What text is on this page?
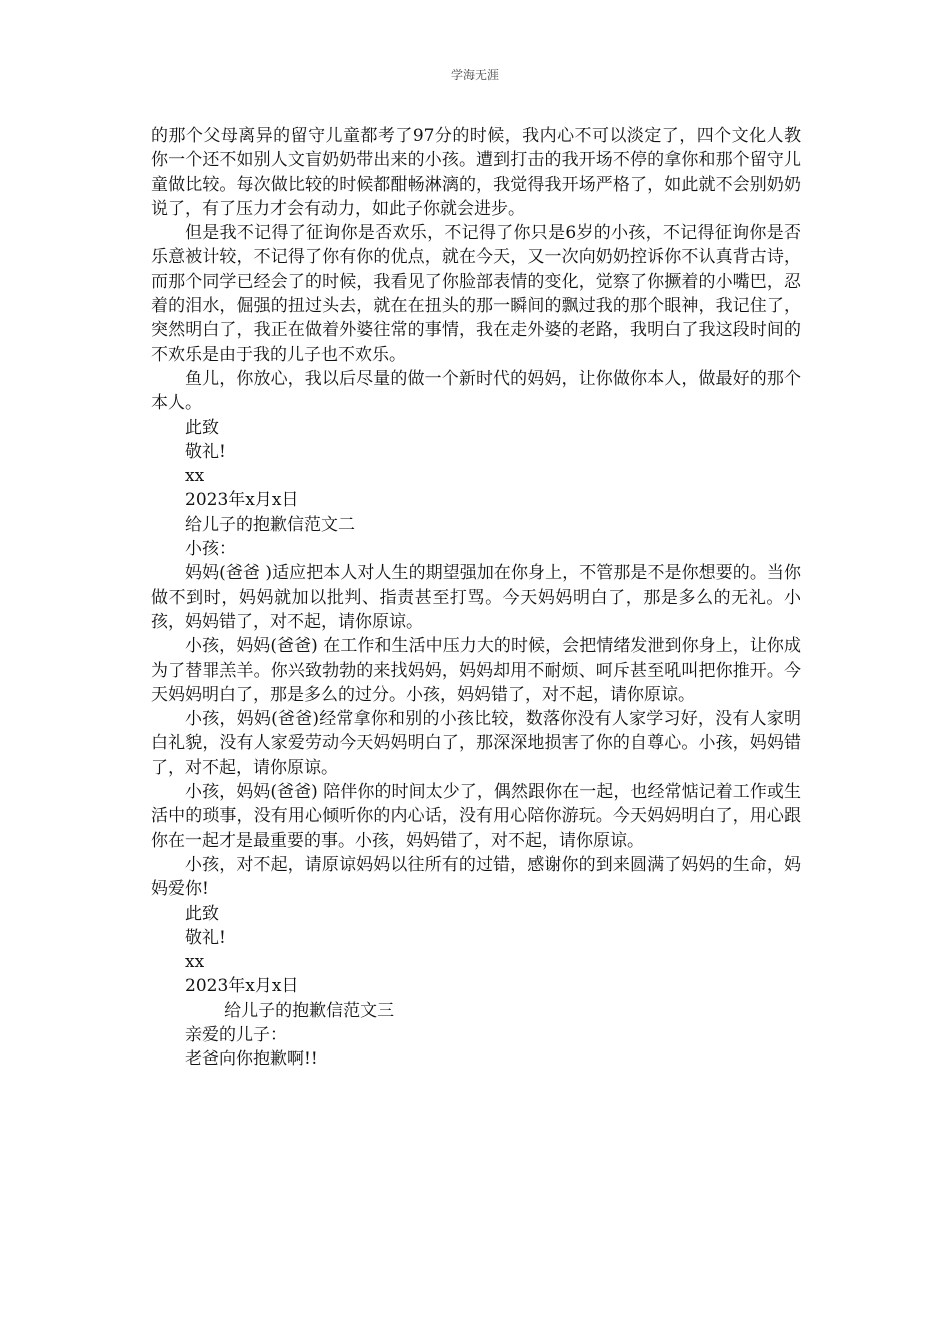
学海无涯

的那个父母离异的留守儿童都考了97分的时候，我内心不可以淡定了，四个文化人教你一个还不如别人文盲奶奶带出来的小孩。遭到打击的我开场不停的拿你和那个留守儿童做比较。每次做比较的时候都酣畅淋漓的，我觉得我开场严格了，如此就不会别奶奶说了，有了压力才会有动力，如此子你就会进步。

但是我不记得了征询你是否欢乐，不记得了你只是6岁的小孩，不记得征询你是否乐意被计较，不记得了你有你的优点，就在今天，又一次向奶奶控诉你不认真背古诗，而那个同学已经会了的时候，我看见了你脸部表情的变化，觉察了你撅着的小嘴巴，忍着的泪水，倔强的扭过头去，就在在扭头的那一瞬间的飘过我的那个眼神，我记住了，突然明白了，我正在做着外婆往常的事情，我在走外婆的老路，我明白了我这段时间的不欢乐是由于我的儿子也不欢乐。

鱼儿，你放心，我以后尽量的做一个新时代的妈妈，让你做你本人，做最好的那个本人。

此致

敬礼!

xx

2023年x月x日

给儿子的抱歉信范文二

小孩：

妈妈(爸爸 )适应把本人对人生的期望强加在你身上，不管那是不是你想要的。当你做不到时，妈妈就加以批判、指责甚至打骂。今天妈妈明白了，那是多么的无礼。小孩，妈妈错了，对不起，请你原谅。

小孩，妈妈(爸爸) 在工作和生活中压力大的时候，会把情绪发泄到你身上，让你成为了替罪羔羊。你兴致勃勃的来找妈妈，妈妈却用不耐烦、呵斥甚至吼叫把你推开。今天妈妈明白了，那是多么的过分。小孩，妈妈错了，对不起，请你原谅。

小孩，妈妈(爸爸)经常拿你和别的小孩比较，数落你没有人家学习好，没有人家明白礼貌，没有人家爱劳动今天妈妈明白了，那深深地损害了你的自尊心。小孩，妈妈错了，对不起，请你原谅。

小孩，妈妈(爸爸) 陪伴你的时间太少了，偶然跟你在一起，也经常惦记着工作或生活中的琐事，没有用心倾听你的内心话，没有用心陪你游玩。今天妈妈明白了，用心跟你在一起才是最重要的事。小孩，妈妈错了，对不起，请你原谅。

小孩，对不起，请原谅妈妈以往所有的过错，感谢你的到来圆满了妈妈的生命，妈妈爱你!

此致

敬礼!

xx

2023年x月x日

给儿子的抱歉信范文三

亲爱的儿子：

老爸向你抱歉啊!!
